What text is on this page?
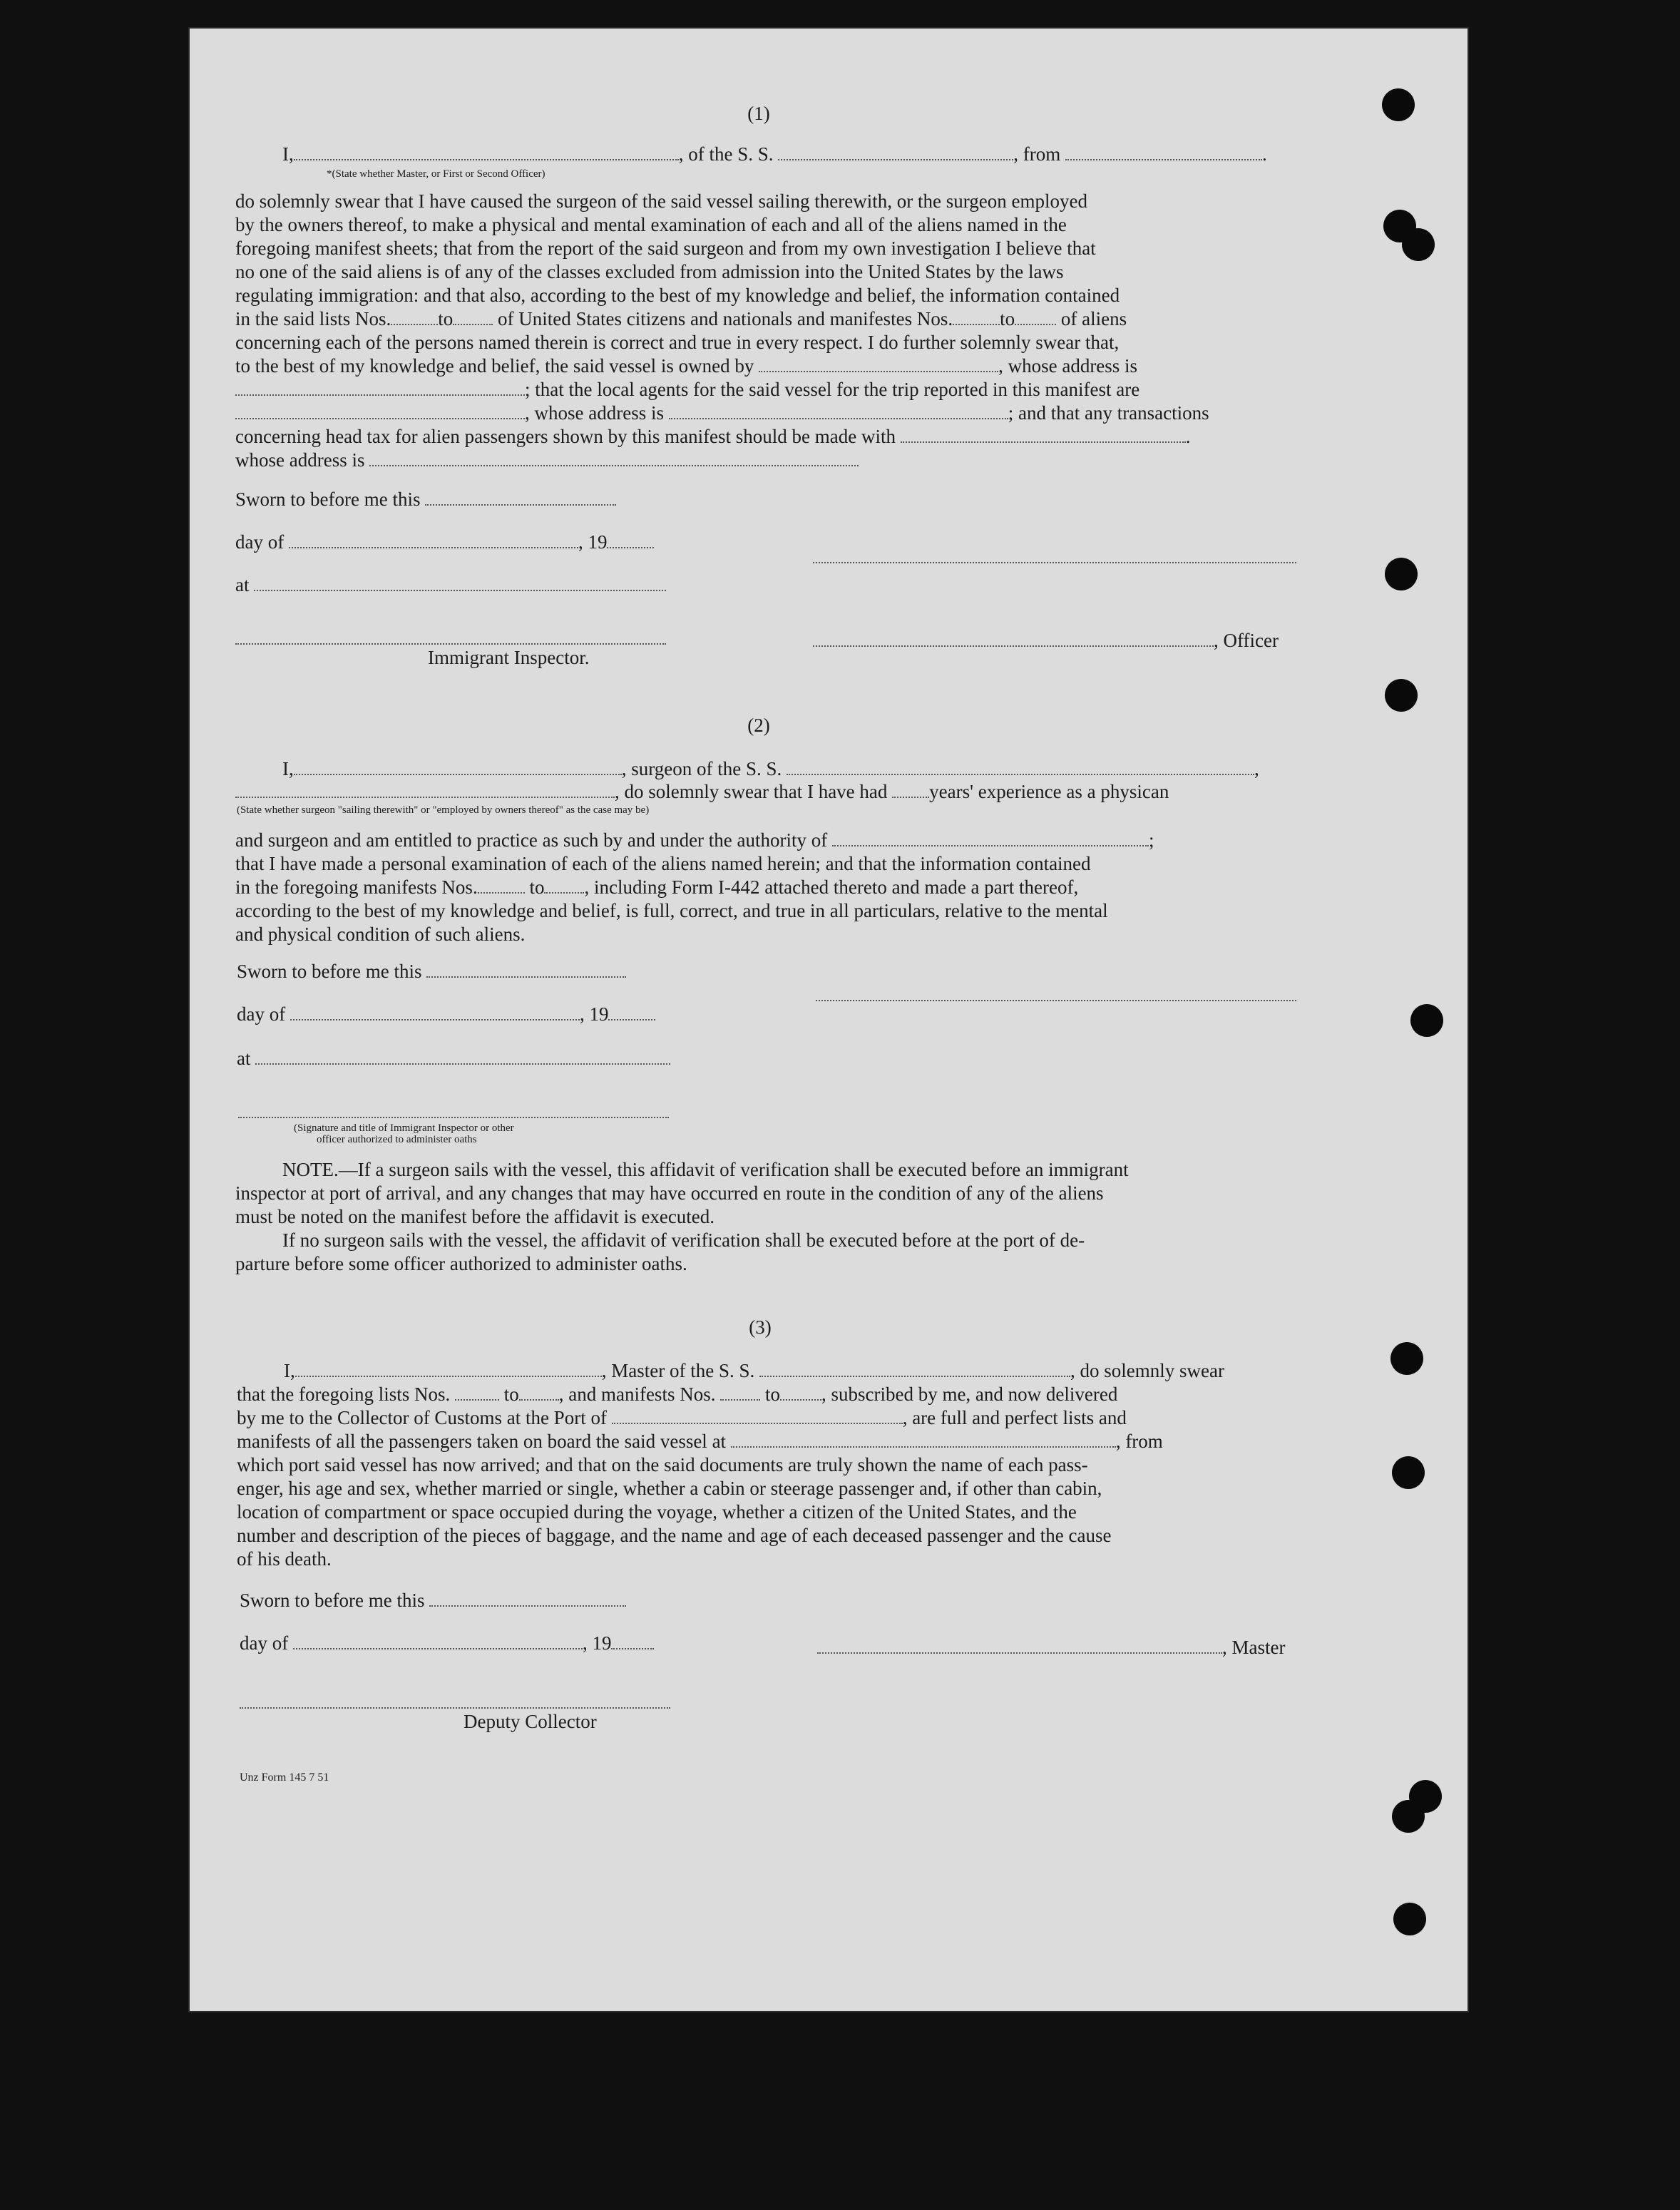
(1)
I,	, of the S. S.	, from	.
*(State whether Master, or First or Second Officer)
do solemnly swear that I have caused the surgeon of the said vessel sailing therewith, or the surgeon employed
by the owners thereof, to make a physical and mental examination of each and all of the aliens named in the
foregoing manifest sheets; that from the report of the said surgeon and from my own investigation I believe that
no one of the said aliens is of any of the classes excluded from admission into the United States by the laws
regulating immigration: and that also, according to the best of my knowledge and belief, the information contained
in the said lists Nos. to of United States citizens and nationals and manifestes Nos. to of aliens
concerning each of the persons named therein is correct and true in every respect. I do further solemnly swear that,
to the best of my knowledge and belief, the said vessel is owned by	, whose address is
; that the local agents for the said vessel for the trip reported in this manifest are
, whose address is	; and that any transactions
concerning head tax for alien passengers shown by this manifest should be made with	.
whose address is
Sworn to before me this
day of	, 19
at
, Officer
Immigrant Inspector.
(2)
I,	, surgeon of the S. S.	,
, do solemnly swear that I have had years' experience as a physican
(State whether surgeon "sailing therewith" or "employed by owners thereof" as the case may be)
and surgeon and am entitled to practice as such by and under the authority of	;
that I have made a personal examination of each of the aliens named herein; and that the information contained
in the foregoing manifests Nos.	to , including Form I-442 attached thereto and made a part thereof,
according to the best of my knowledge and belief, is full, correct, and true in all particulars, relative to the mental
and physical condition of such aliens.
Sworn to before me this
day of	, 19
at
(Signature and title of Immigrant Inspector or other
officer authorized to administer oaths
NOTE.—If a surgeon sails with the vessel, this affidavit of verification shall be executed before an immigrant
inspector at port of arrival, and any changes that may have occurred en route in the condition of any of the aliens
must be noted on the manifest before the affidavit is executed.
If no surgeon sails with the vessel, the affidavit of verification shall be executed before at the port of de-
parture before some officer authorized to administer oaths.
(3)
I,	, Master of the S. S.	, do solemnly swear
that the foregoing lists Nos.	to , and manifests Nos.	to , subscribed by me, and now delivered
by me to the Collector of Customs at the Port of	, are full and perfect lists and
manifests of all the passengers taken on board the said vessel at	, from
which port said vessel has now arrived; and that on the said documents are truly shown the name of each pass-
enger, his age and sex, whether married or single, whether a cabin or steerage passenger and, if other than cabin,
location of compartment or space occupied during the voyage, whether a citizen of the United States, and the
number and description of the pieces of baggage, and the name and age of each deceased passenger and the cause
of his death.
Sworn to before me this
day of	, 19	, Master
Deputy Collector
Unz Form 145 7 51
